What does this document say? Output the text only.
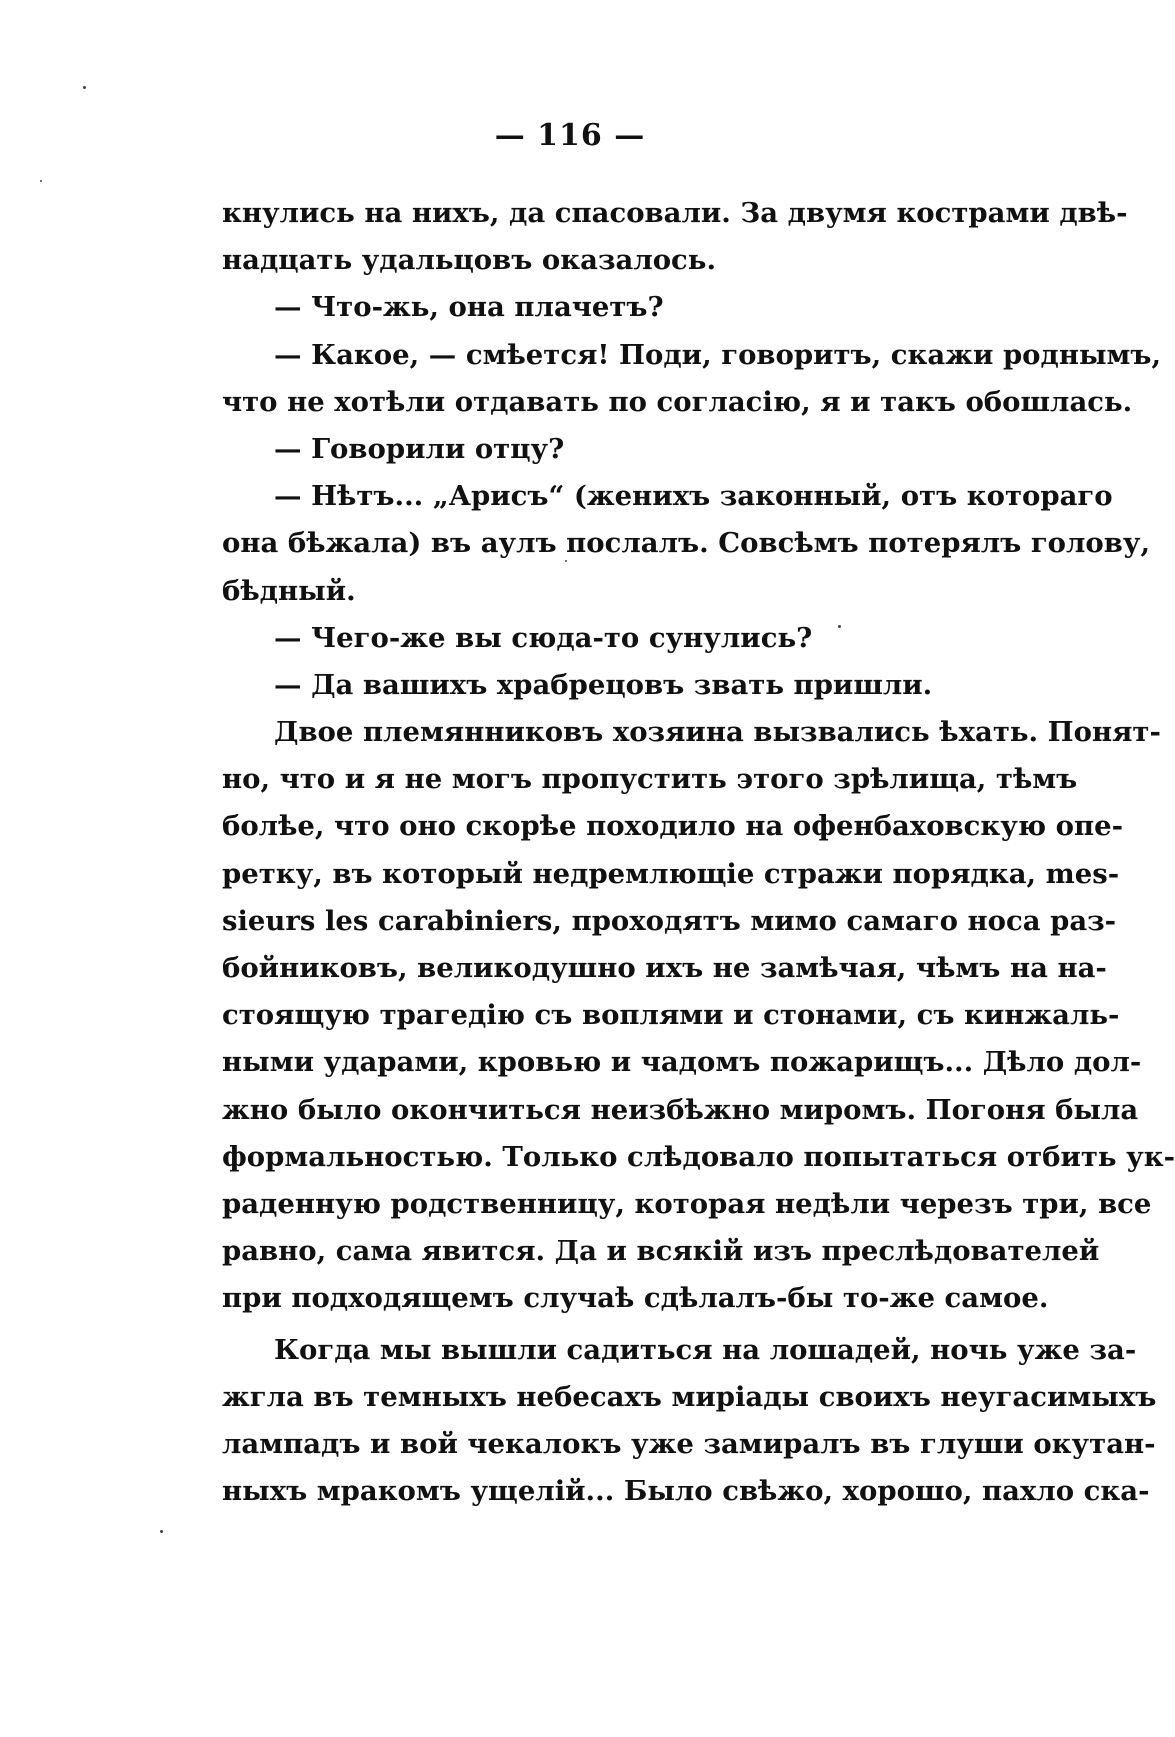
— 116 —
кнулись на нихъ, да спасовали. За двумя кострами двѣ-
надцать удальцовъ оказалось.
— Что-жь, она плачетъ?
— Какое, — смѣется! Поди, говоритъ, скажи роднымъ,
что не хотѣли отдавать по согласію, я и такъ обошлась.
— Говорили отцу?
— Нѣтъ... „Арисъ“ (женихъ законный, отъ котораго
она бѣжала) въ аулъ послалъ. Совсѣмъ потерялъ голову,
бѣдный.
— Чего-же вы сюда-то сунулись?
— Да вашихъ храбрецовъ звать пришли.
Двое племянниковъ хозяина вызвались ѣхать. Понят-
но, что и я не могъ пропустить этого зрѣлища, тѣмъ
болѣе, что оно скорѣе походило на офенбаховскую опе-
ретку, въ который недремлющіе стражи порядка, mes-
sieurs les carabiniers, проходятъ мимо самаго носа раз-
бойниковъ, великодушно ихъ не замѣчая, чѣмъ на на-
стоящую трагедію съ воплями и стонами, съ кинжаль-
ными ударами, кровью и чадомъ пожарищъ... Дѣло дол-
жно было окончиться неизбѣжно миромъ. Погоня была
формальностью. Только слѣдовало попытаться отбить ук-
раденную родственницу, которая недѣли черезъ три, все
равно, сама явится. Да и всякій изъ преслѣдователей
при подходящемъ случаѣ сдѣлалъ-бы то-же самое.
Когда мы вышли садиться на лошадей, ночь уже за-
жгла въ темныхъ небесахъ миріады своихъ неугасимыхъ
лампадъ и вой чекалокъ уже замиралъ въ глуши окутан-
ныхъ мракомъ ущелій... Было свѣжо, хорошо, пахло ска-
